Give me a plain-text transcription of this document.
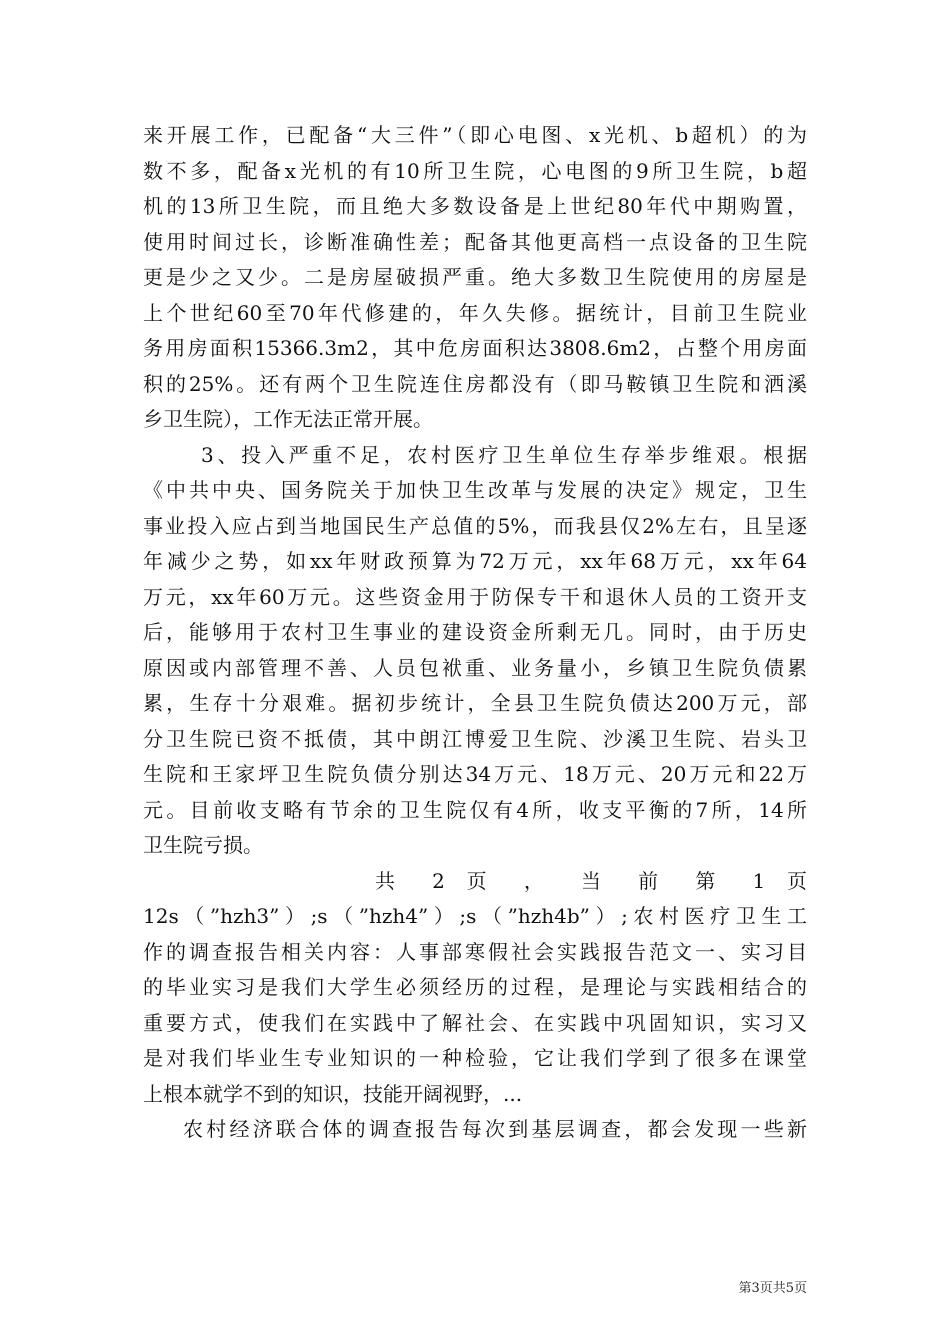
来开展工作，已配备“大三件”（即心电图、x光机、b超机）的为
数不多，配备x光机的有10所卫生院，心电图的9所卫生院，b超
机的13所卫生院，而且绝大多数设备是上世纪80年代中期购置，
使用时间过长，诊断准确性差；配备其他更高档一点设备的卫生院
更是少之又少。二是房屋破损严重。绝大多数卫生院使用的房屋是
上个世纪60至70年代修建的，年久失修。据统计，目前卫生院业
务用房面积15366.3m2，其中危房面积达3808.6m2，占整个用房面
积的25%。还有两个卫生院连住房都没有（即马鞍镇卫生院和洒溪
乡卫生院），工作无法正常开展。
3、投入严重不足，农村医疗卫生单位生存举步维艰。根据
《中共中央、国务院关于加快卫生改革与发展的决定》规定，卫生
事业投入应占到当地国民生产总值的5%，而我县仅2%左右，且呈逐
年减少之势，如xx年财政预算为72万元，xx年68万元，xx年64
万元，xx年60万元。这些资金用于防保专干和退休人员的工资开支
后，能够用于农村卫生事业的建设资金所剩无几。同时，由于历史
原因或内部管理不善、人员包袱重、业务量小，乡镇卫生院负债累
累，生存十分艰难。据初步统计，全县卫生院负债达200万元，部
分卫生院已资不抵债，其中朗江博爱卫生院、沙溪卫生院、岩头卫
生院和王家坪卫生院负债分别达34万元、18万元、20万元和22万
元。目前收支略有节余的卫生院仅有4所，收支平衡的7所，14所
卫生院亏损。
共 2 页 ， 当 前 第 1 页
12s（”hzh3”）;s（”hzh4”）;s（”hzh4b”）;农村医疗卫生工
作的调查报告相关内容：人事部寒假社会实践报告范文一、实习目
的毕业实习是我们大学生必须经历的过程，是理论与实践相结合的
重要方式，使我们在实践中了解社会、在实践中巩固知识，实习又
是对我们毕业生专业知识的一种检验，它让我们学到了很多在课堂
上根本就学不到的知识，技能开阔视野，...
农村经济联合体的调查报告每次到基层调查，都会发现一些新
第3页共5页
